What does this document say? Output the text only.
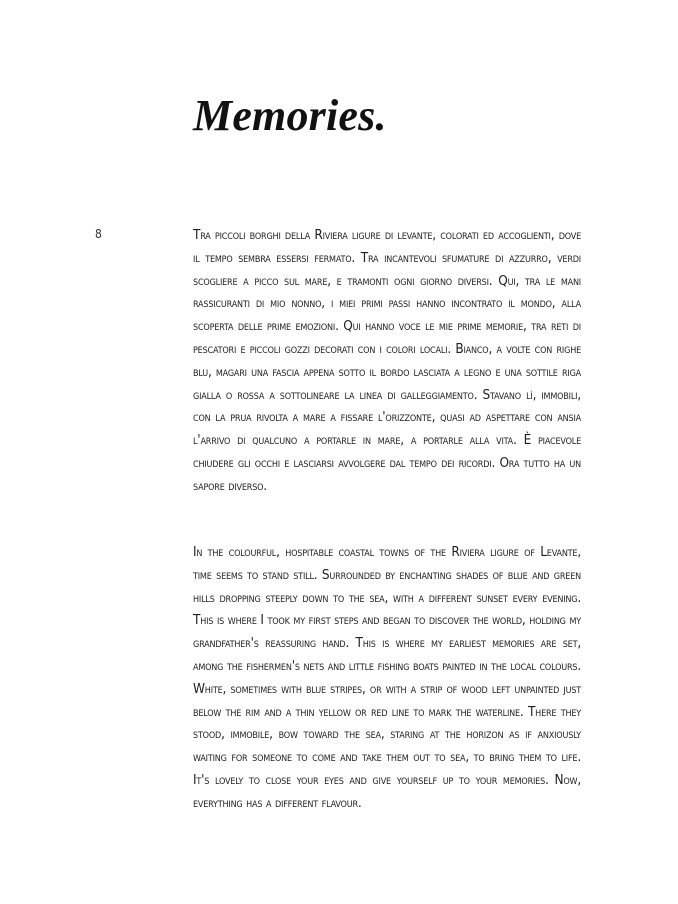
Memories.
8	Tra piccoli borghi della Riviera ligure di levante, colorati ed accoglienti, dove il tempo sembra essersi fermato. Tra incantevoli sfumature di azzurro, verdi scogliere a picco sul mare, e tramonti ogni giorno diversi. Qui, tra le mani rassicuranti di mio nonno, i miei primi passi hanno incontrato il mondo, alla scoperta delle prime emozioni. Qui hanno voce le mie prime memorie, tra reti di pescatori e piccoli gozzi decorati con i colori locali. Bianco, a volte con righe blu, magari una fascia appena sotto il bordo lasciata a legno e una sottile riga gialla o rossa a sottolineare la linea di galleggiamento. Stavano lì, immobili, con la prua rivolta a mare a fissare l'orizzonte, quasi ad aspettare con ansia l'arrivo di qualcuno a portarle in mare, a portarle alla vita. È piacevole chiudere gli occhi e lasciarsi avvolgere dal tempo dei ricordi. Ora tutto ha un sapore diverso.

In the colourful, hospitable coastal towns of the Riviera ligure of Levante, time seems to stand still. Surrounded by enchanting shades of blue and green hills dropping steeply down to the sea, with a different sunset every evening. This is where I took my first steps and began to discover the world, holding my grandfather's reassuring hand. This is where my earliest memories are set, among the fishermen's nets and little fishing boats painted in the local colours. White, sometimes with blue stripes, or with a strip of wood left unpainted just below the rim and a thin yellow or red line to mark the waterline. There they stood, immobile, bow toward the sea, staring at the horizon as if anxiously waiting for someone to come and take them out to sea, to bring them to life. It's lovely to close your eyes and give yourself up to your memories. Now, everything has a different flavour.
